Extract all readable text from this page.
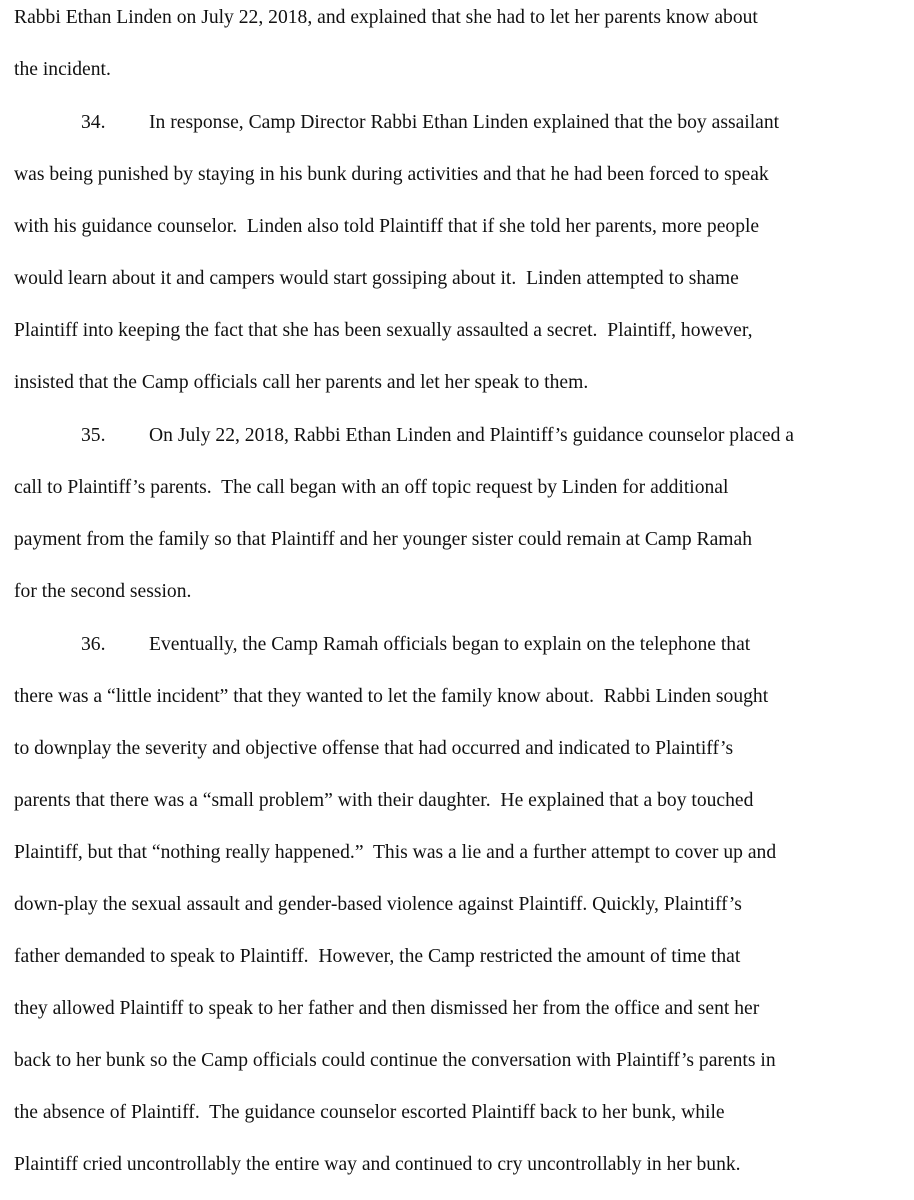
Rabbi Ethan Linden on July 22, 2018, and explained that she had to let her parents know about
the incident.
34. In response, Camp Director Rabbi Ethan Linden explained that the boy assailant
was being punished by staying in his bunk during activities and that he had been forced to speak
with his guidance counselor.  Linden also told Plaintiff that if she told her parents, more people
would learn about it and campers would start gossiping about it.  Linden attempted to shame
Plaintiff into keeping the fact that she has been sexually assaulted a secret.  Plaintiff, however,
insisted that the Camp officials call her parents and let her speak to them.
35. On July 22, 2018, Rabbi Ethan Linden and Plaintiff’s guidance counselor placed a
call to Plaintiff’s parents.  The call began with an off topic request by Linden for additional
payment from the family so that Plaintiff and her younger sister could remain at Camp Ramah
for the second session.
36. Eventually, the Camp Ramah officials began to explain on the telephone that
there was a “little incident” that they wanted to let the family know about.  Rabbi Linden sought
to downplay the severity and objective offense that had occurred and indicated to Plaintiff’s
parents that there was a “small problem” with their daughter.  He explained that a boy touched
Plaintiff, but that “nothing really happened.”  This was a lie and a further attempt to cover up and
down-play the sexual assault and gender-based violence against Plaintiff. Quickly, Plaintiff’s
father demanded to speak to Plaintiff.  However, the Camp restricted the amount of time that
they allowed Plaintiff to speak to her father and then dismissed her from the office and sent her
back to her bunk so the Camp officials could continue the conversation with Plaintiff’s parents in
the absence of Plaintiff.  The guidance counselor escorted Plaintiff back to her bunk, while
Plaintiff cried uncontrollably the entire way and continued to cry uncontrollably in her bunk.
